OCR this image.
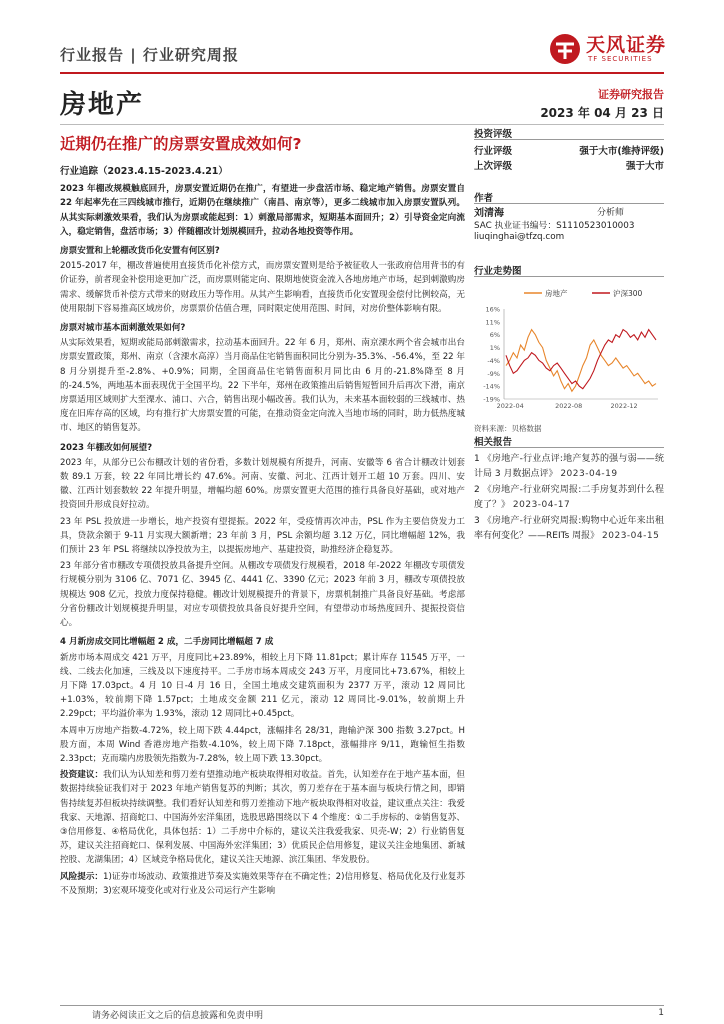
行业报告 | 行业研究周报	天风证券
TF SECURITIES
房地产	证券研究报告
2023 年 04 月 23 日
近期仍在推广的房票安置成效如何?
行业追踪（2023.4.15-2023.4.21）

2023 年棚改规模触底回升，房票安置近期仍在推广，有望进一步盘活市场、稳定地产销售。房票安置自 22 年起率先在三四线城市推行，近期仍在继续推广（南昌、南京等），更多二线城市加入房票安置队列。从其实际刺激效果看，我们认为房票或能起到：1）刺激局部需求，短期基本面回升；2）引导资金定向流入，稳定销售，盘活市场；3）伴随棚改计划规模回升，拉动各地投资等作用。

房票安置和上轮棚改货币化安置有何区别?

2015-2017 年，棚改普遍使用直接货币化补偿方式，而房票安置则是给予被征收人一张政府信用背书的有价证券，前者现金补偿用途更加广泛，而房票则能定向、限期地使资金流入各地房地产市场，起到刺激购房需求、缓解货币补偿方式带来的财政压力等作用。从其产生影响看，直接货币化安置现金偿付比例较高，无使用限制下容易推高区域房价，房票票价估值合理，同时限定使用范围、时间，对房价整体影响有限。

房票对城市基本面刺激效果如何?

从实际效果看，短期或能局部刺激需求，拉动基本面回升。22 年 6 月，郑州、南京溧水两个省会城市出台房票安置政策，郑州、南京（含溧水高淳）当月商品住宅销售面积同比分别为-35.3%、-56.4%，至 22 年 8 月分别提升至-2.8%、+0.9%；同期，全国商品住宅销售面积月同比由 6 月的-21.8%降至 8 月的-24.5%，两地基本面表现优于全国平均。22 下半年，郑州在政策推出后销售短暂回升后再次下滑，南京房票适用区域则扩大至溧水、浦口、六合，销售出现小幅改善。我们认为，未来基本面较弱的三线城市、热度在旧库存高的区域，均有推行扩大房票安置的可能，在推动资金定向流入当地市场的同时，助力低热度城市、地区的销售复苏。

2023 年棚改如何展望?

2023 年，从部分已公布棚改计划的省份看，多数计划规模有所提升，河南、安徽等 6 省合计棚改计划套数 89.1 万套，较 22 年同比增长约 47.6%。河南、安徽、河北、江西计划开工超 10 万套。四川、安徽、江西计划套数较 22 年提升明显，增幅均超 60%。房票安置更大范围的推行具备良好基础，或对地产投资回升形成良好拉动。

23 年 PSL 投放进一步增长，地产投资有望提振。2022 年，受疫情再次冲击，PSL 作为主要信贷发力工具，贷款余额于 9-11 月实现大额新增；23 年前 3 月，PSL 余额均超 3.12 万亿，同比增幅超 12%，我们预计 23 年 PSL 将继续以净投放为主，以提振房地产、基建投资，助推经济企稳复苏。

23 年部分省市棚改专项债投放具备提升空间。从棚改专项债发行规模看，2018 年-2022 年棚改专项债发行规模分别为 3106 亿、7071 亿、3945 亿、4441 亿、3390 亿元；2023 年前 3 月，棚改专项债投放规模达 908 亿元，投放力度保持稳健。棚改计划规模提升的背景下，房票机制推广具备良好基础。考虑部分省份棚改计划规模提升明显，对应专项债投放具备良好提升空间，有望带动市场热度回升、提振投资信心。

4 月新房成交同比增幅超 2 成，二手房同比增幅超 7 成

新房市场本周成交 421 万平，月度同比+23.89%，相较上月下降 11.81pct；累计库存 11545 万平，一线、二线去化加速，三线及以下速度持平。二手房市场本周成交 243 万平，月度同比+73.67%，相较上月下降 17.03pct。4 月 10 日-4 月 16 日，全国土地成交建筑面积为 2377 万平，滚动 12 周同比+1.03%，较前期下降 1.57pct；土地成交金额 211 亿元，滚动 12 周同比-9.01%，较前期上升 2.29pct；平均溢价率为 1.93%，滚动 12 周同比+0.45pct。

本周申万房地产指数-4.72%，较上周下跌 4.44pct，涨幅排名 28/31，跑输沪深 300 指数 3.27pct。H 股方面，本周 Wind 香港房地产指数-4.10%，较上周下降 7.18pct，涨幅排序 9/11，跑输恒生指数 2.33pct；克而瑞内房股领先指数为-7.28%，较上周下跌 13.30pct。

投资建议：我们认为认知差和剪刀差有望推动地产板块取得相对收益。首先，认知差存在于地产基本面，但数据持续验证我们对于 2023 年地产销售复苏的判断；其次，剪刀差存在于基本面与板块行情之间，即销售持续复苏但板块持续调整。我们看好认知差和剪刀差推动下地产板块取得相对收益，建议重点关注：我爱我家、天地源、招商蛇口、中国海外宏洋集团，选股思路围绕以下 4 个维度：①二手房标的、②销售复苏、③信用修复、④格局优化，具体包括：1）二手房中介标的，建议关注我爱我家、贝壳-W；2）行业销售复苏，建议关注招商蛇口、保利发展、中国海外宏洋集团；3）优质民企信用修复，建议关注金地集团、新城控股、龙湖集团；4）区域竞争格局优化，建议关注天地源、滨江集团、华发股份。

风险提示：1)证券市场波动、政策推进节奏及实施效果等存在不确定性；2)信用修复、格局优化及行业复苏不及预期；3)宏观环境变化或对行业及公司运行产生影响

投资评级
行业评级	强于大市(维持评级)
上次评级	强于大市
作者
刘清海	分析师
SAC 执业证书编号：S1110523010003
liuqinghai@tfzq.com
行业走势图
房地产	沪深300
16%
11%
6%
1%
-4%
-9%
-14%
-19%
2022-04	2022-08	2022-12
资料来源：贝格数据
相关报告

1 《房地产-行业点评:地产复苏的强与弱——统计局 3 月数据点评》 2023-04-19

2 《房地产-行业研究周报:二手房复苏到什么程度了？》 2023-04-17

3 《房地产-行业研究周报:购物中心近年来出租率有何变化？——REITs 周报》 2023-04-15

请务必阅读正文之后的信息披露和免责申明	1
